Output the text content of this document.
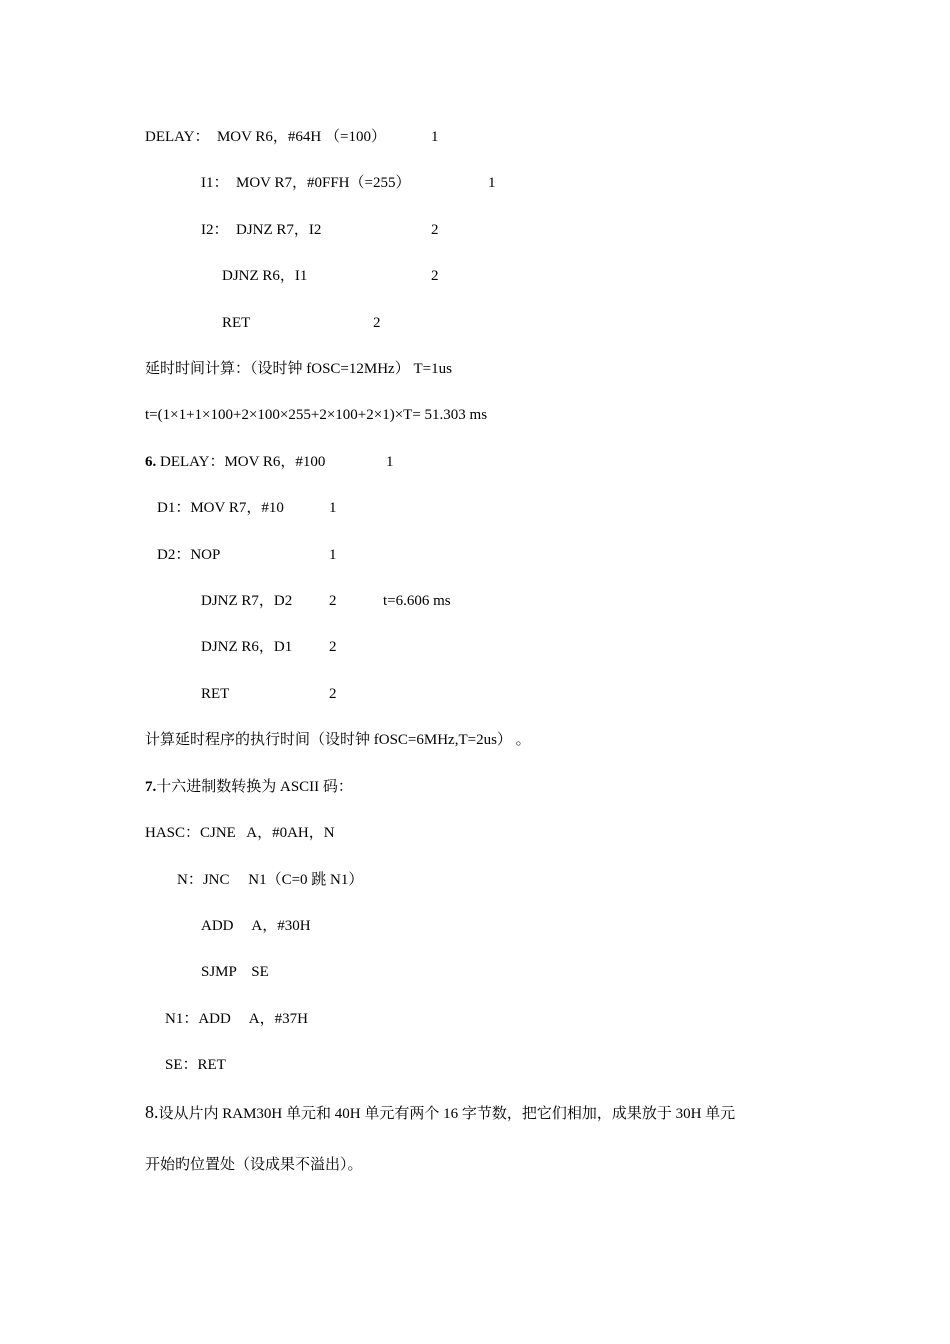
DELAY：  MOV R6，#64H （=100）	1
I1：  MOV R7，#0FFH（=255）	1
I2：  DJNZ R7，I2	2
DJNZ R6，I1	2
RET	2
延时时间计算：（设时钟 fOSC=12MHz） T=1us
t=(1×1+1×100+2×100×255+2×100+2×1)×T= 51.303 ms
6. DELAY：MOV R6，#100	1
D1：MOV R7，#10	1
D2：NOP	1
DJNZ R7，D2 2	t=6.606 ms
DJNZ R6，D1 2
RET	2
计算延时程序的执行时间（设时钟 fOSC=6MHz,T=2us） 。
7.十六进制数转换为 ASCII 码：
HASC：CJNE   A，#0AH，N
N：JNC     N1（C=0 跳 N1）
ADD     A，#30H
SJMP    SE
N1：ADD     A，#37H
SE：RET
8.设从片内 RAM30H 单元和 40H 单元有两个 16 字节数，把它们相加，成果放于 30H 单元
开始旳位置处（设成果不溢出）。
